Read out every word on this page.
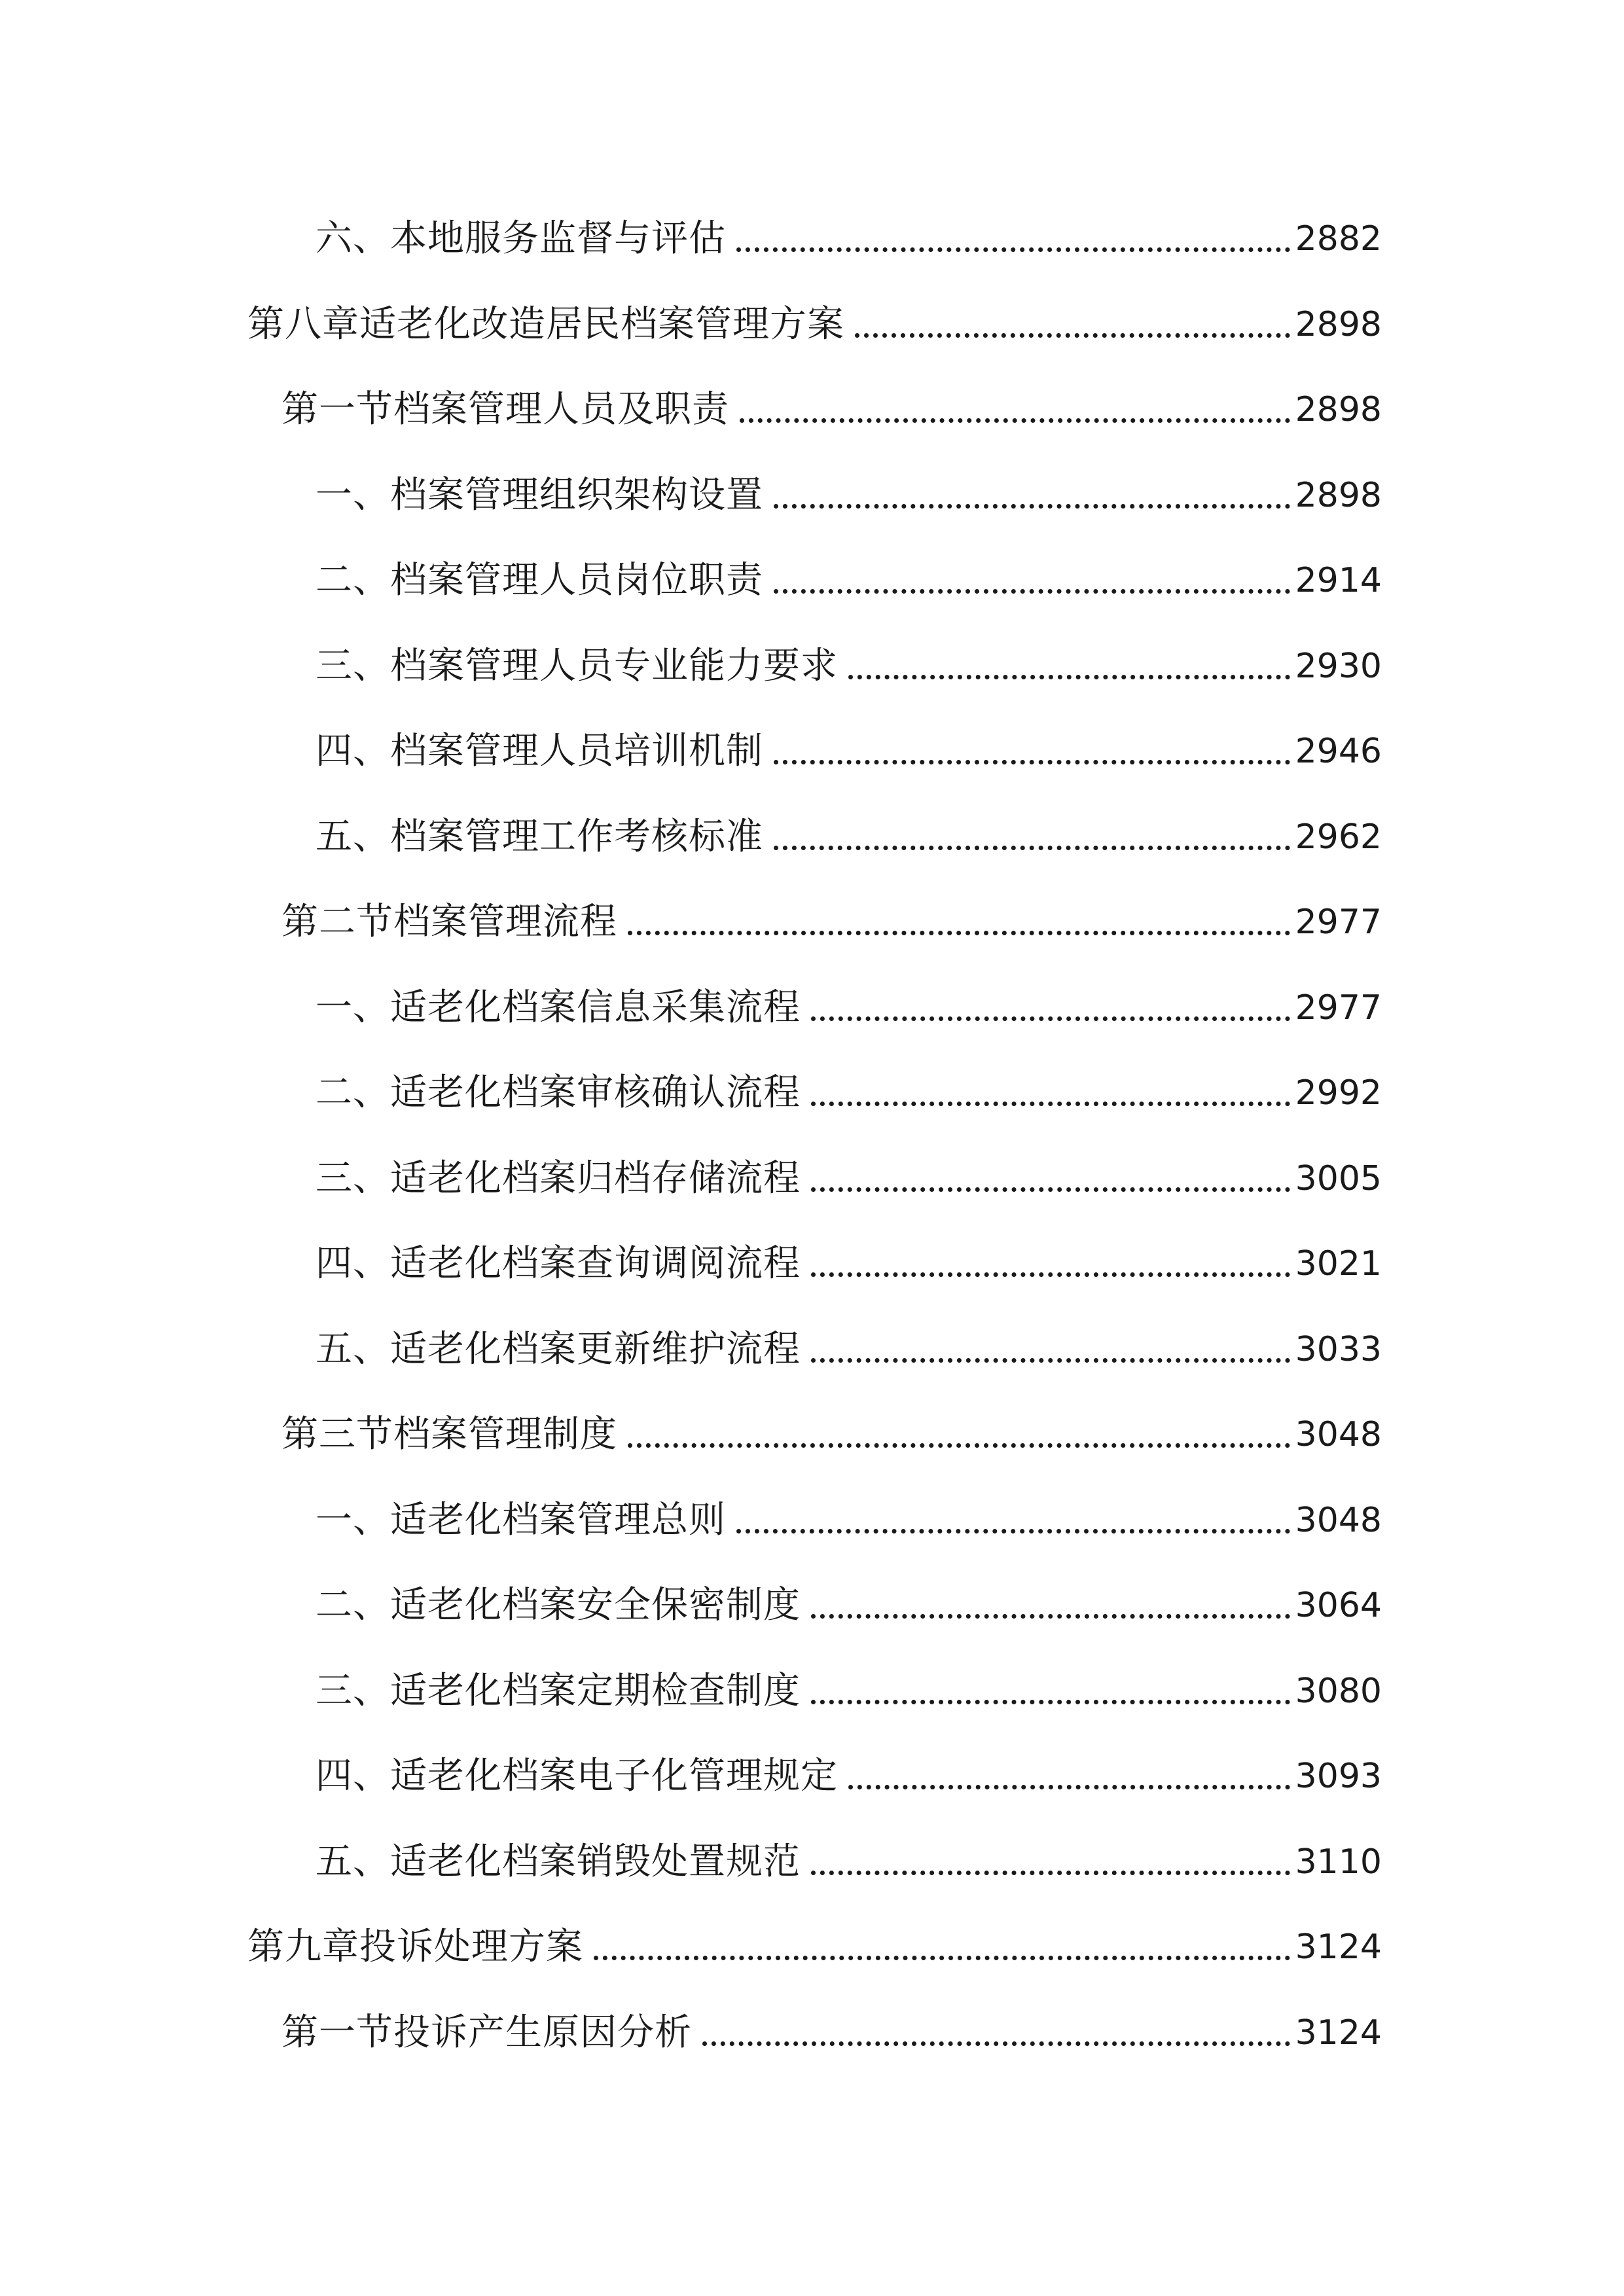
六、本地服务监督与评估	2882
第八章适老化改造居民档案管理方案	2898
第一节档案管理人员及职责	2898
一、档案管理组织架构设置	2898
二、档案管理人员岗位职责	2914
三、档案管理人员专业能力要求	2930
四、档案管理人员培训机制	2946
五、档案管理工作考核标准	2962
第二节档案管理流程	2977
一、适老化档案信息采集流程	2977
二、适老化档案审核确认流程	2992
三、适老化档案归档存储流程	3005
四、适老化档案查询调阅流程	3021
五、适老化档案更新维护流程	3033
第三节档案管理制度	3048
一、适老化档案管理总则	3048
二、适老化档案安全保密制度	3064
三、适老化档案定期检查制度	3080
四、适老化档案电子化管理规定	3093
五、适老化档案销毁处置规范	3110
第九章投诉处理方案	3124
第一节投诉产生原因分析	3124
